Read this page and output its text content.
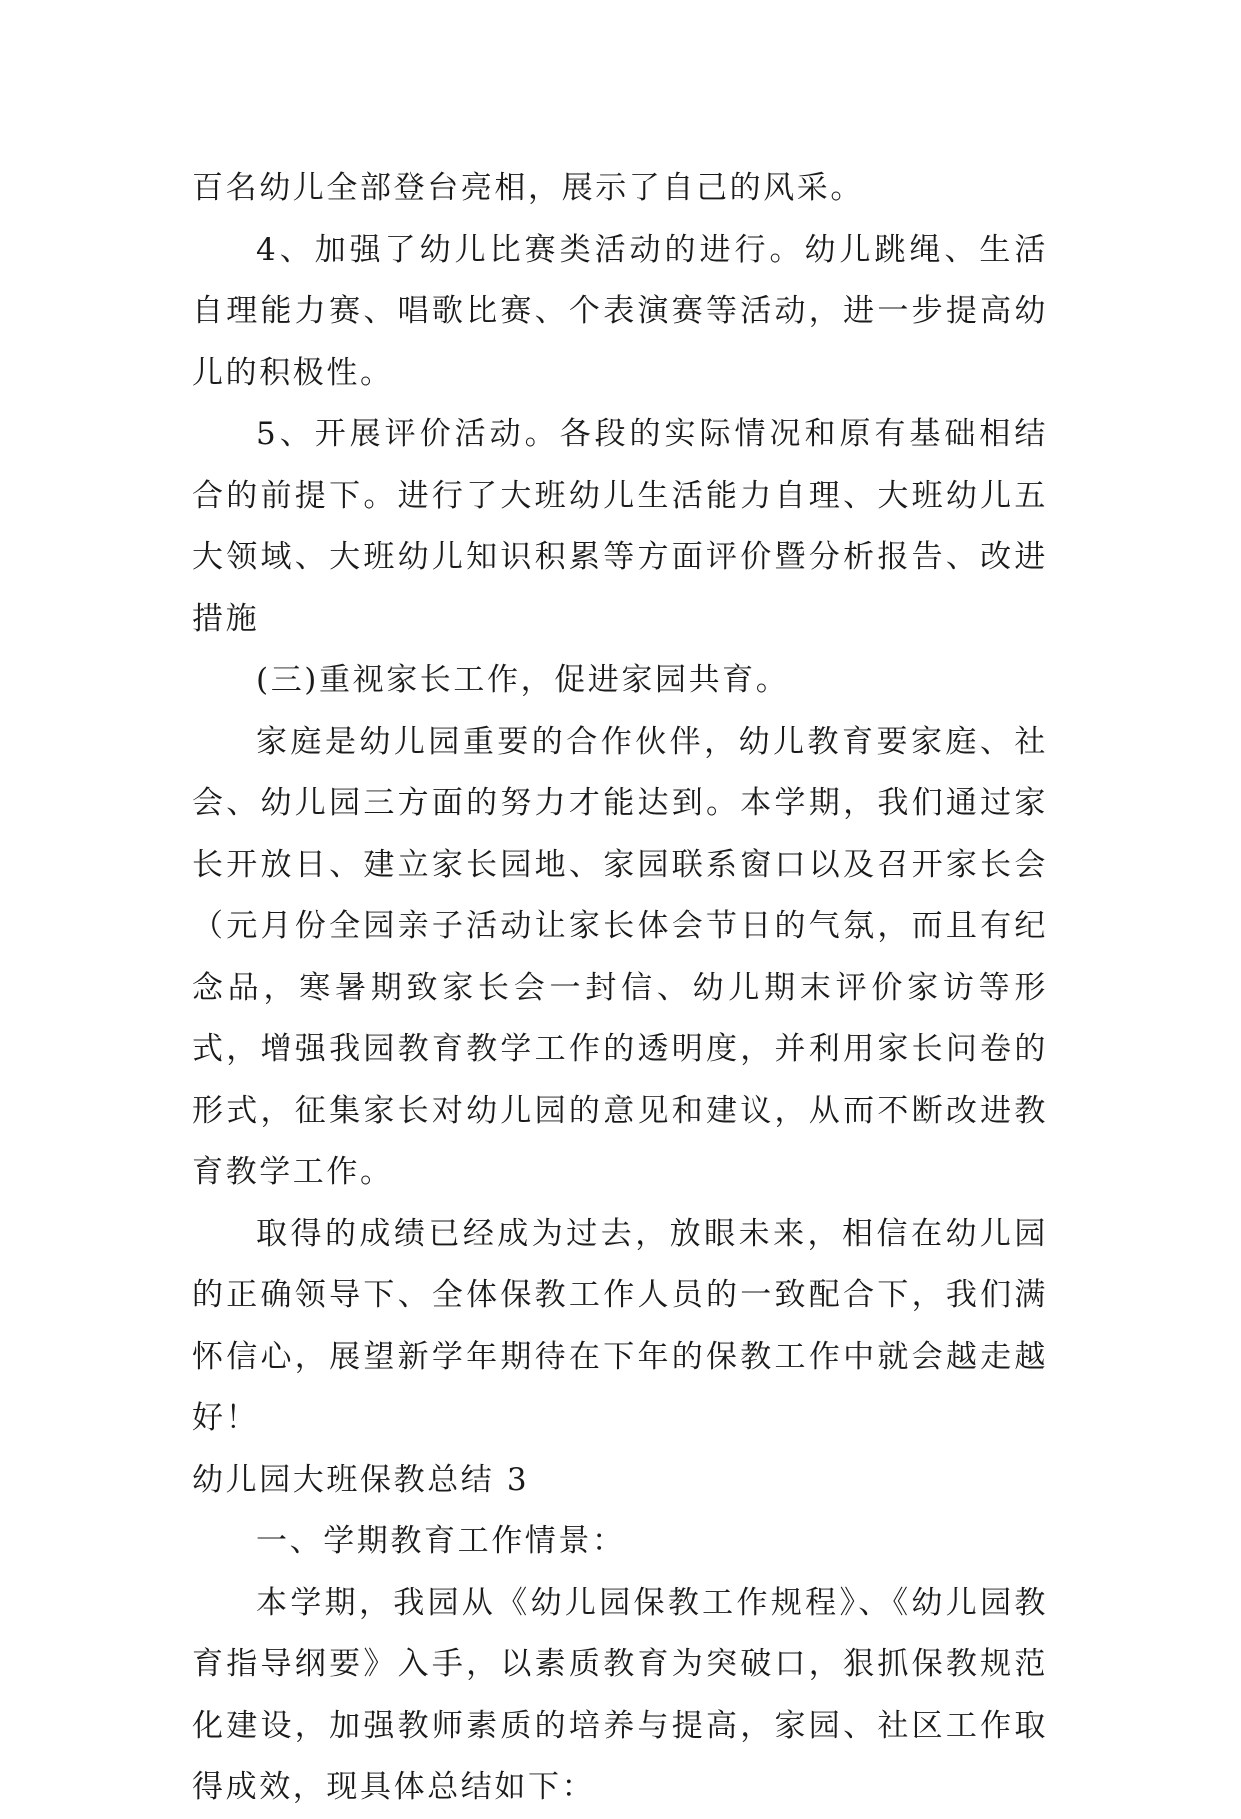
百名幼儿全部登台亮相，展示了自己的风采。

4、加强了幼儿比赛类活动的进行。幼儿跳绳、生活自理能力赛、唱歌比赛、个表演赛等活动，进一步提高幼儿的积极性。

5、开展评价活动。各段的实际情况和原有基础相结合的前提下。进行了大班幼儿生活能力自理、大班幼儿五大领域、大班幼儿知识积累等方面评价暨分析报告、改进措施

(三)重视家长工作，促进家园共育。

家庭是幼儿园重要的合作伙伴，幼儿教育要家庭、社会、幼儿园三方面的努力才能达到。本学期，我们通过家长开放日、建立家长园地、家园联系窗口以及召开家长会（元月份全园亲子活动让家长体会节日的气氛，而且有纪念品，寒暑期致家长会一封信、幼儿期末评价家访等形式，增强我园教育教学工作的透明度，并利用家长问卷的形式，征集家长对幼儿园的意见和建议，从而不断改进教育教学工作。

取得的成绩已经成为过去，放眼未来，相信在幼儿园的正确领导下、全体保教工作人员的一致配合下，我们满怀信心，展望新学年期待在下年的保教工作中就会越走越好！

幼儿园大班保教总结 3

一、学期教育工作情景：

本学期，我园从《幼儿园保教工作规程》、《幼儿园教育指导纲要》入手，以素质教育为突破口，狠抓保教规范化建设，加强教师素质的培养与提高，家园、社区工作取得成效，现具体总结如下：
